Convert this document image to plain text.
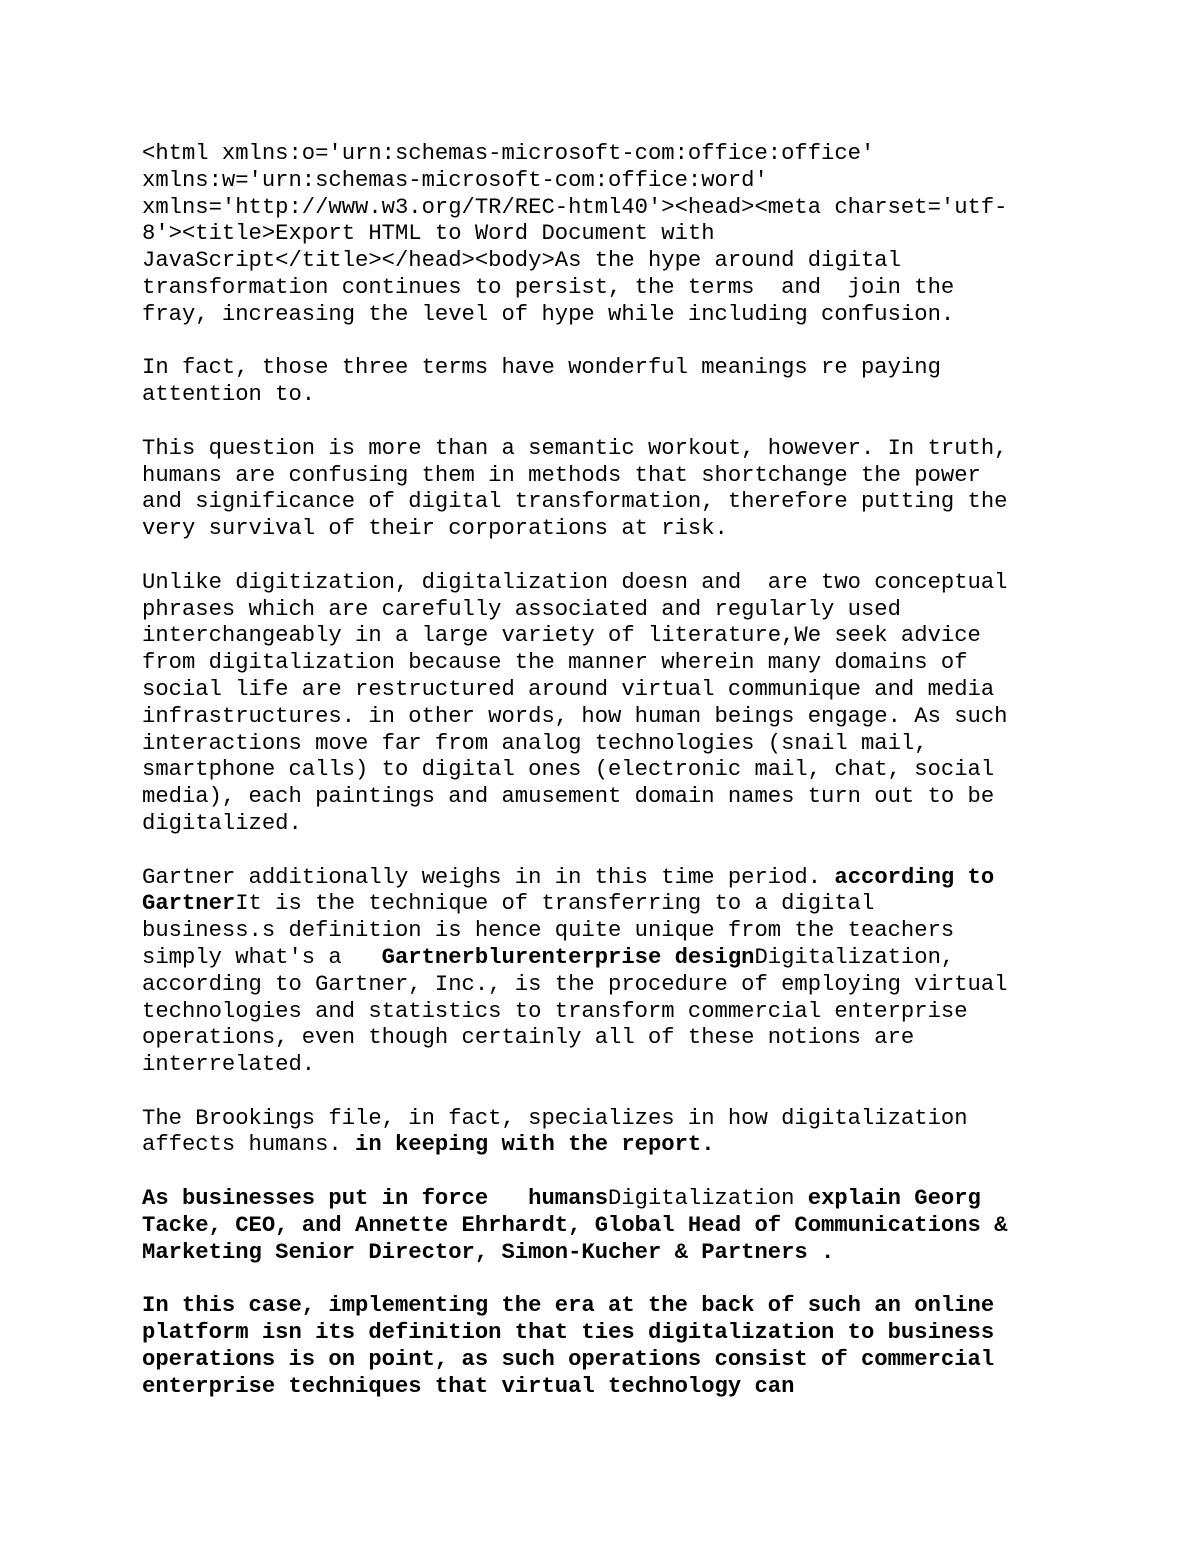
<html xmlns:o='urn:schemas-microsoft-com:office:office'
xmlns:w='urn:schemas-microsoft-com:office:word'
xmlns='http://www.w3.org/TR/REC-html40'><head><meta charset='utf-
8'><title>Export HTML to Word Document with
JavaScript</title></head><body>As the hype around digital
transformation continues to persist, the terms  and  join the
fray, increasing the level of hype while including confusion.
In fact, those three terms have wonderful meanings re paying
attention to.
This question is more than a semantic workout, however. In truth,
humans are confusing them in methods that shortchange the power
and significance of digital transformation, therefore putting the
very survival of their corporations at risk.
Unlike digitization, digitalization doesn and  are two conceptual
phrases which are carefully associated and regularly used
interchangeably in a large variety of literature,We seek advice
from digitalization because the manner wherein many domains of
social life are restructured around virtual communique and media
infrastructures. in other words, how human beings engage. As such
interactions move far from analog technologies (snail mail,
smartphone calls) to digital ones (electronic mail, chat, social
media), each paintings and amusement domain names turn out to be
digitalized.
Gartner additionally weighs in in this time period. according to
GartnerIt is the technique of transferring to a digital
business.s definition is hence quite unique from the teachers
simply what's a   Gartnerblurenterprise designDigitalization,
according to Gartner, Inc., is the procedure of employing virtual
technologies and statistics to transform commercial enterprise
operations, even though certainly all of these notions are
interrelated.
The Brookings file, in fact, specializes in how digitalization
affects humans. in keeping with the report.
As businesses put in force   humansDigitalization explain Georg
Tacke, CEO, and Annette Ehrhardt, Global Head of Communications &
Marketing Senior Director, Simon-Kucher & Partners .
In this case, implementing the era at the back of such an online
platform isn its definition that ties digitalization to business
operations is on point, as such operations consist of commercial
enterprise techniques that virtual technology can
